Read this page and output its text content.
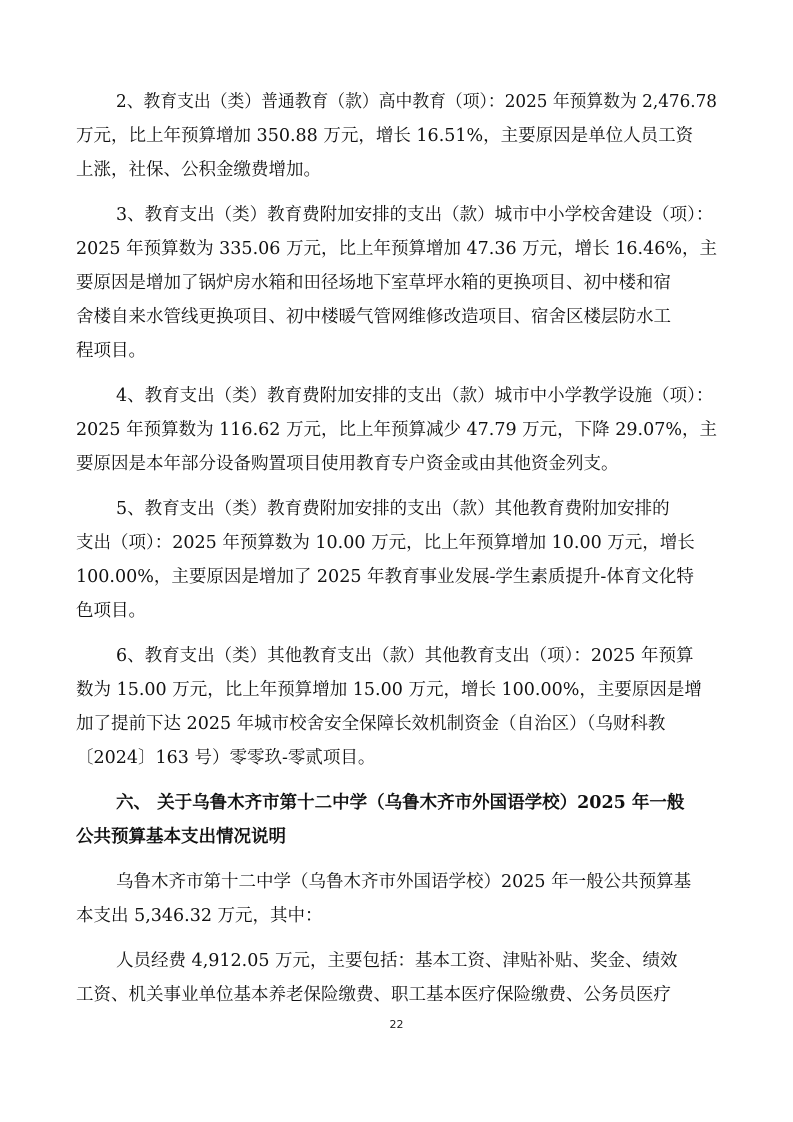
2、教育支出（类）普通教育（款）高中教育（项）：2025 年预算数为 2,476.78
万元，比上年预算增加 350.88 万元，增长 16.51%，主要原因是单位人员工资
上涨，社保、公积金缴费增加。
3、教育支出（类）教育费附加安排的支出（款）城市中小学校舍建设（项）：
2025 年预算数为 335.06 万元，比上年预算增加 47.36 万元，增长 16.46%，主
要原因是增加了锅炉房水箱和田径场地下室草坪水箱的更换项目、初中楼和宿
舍楼自来水管线更换项目、初中楼暖气管网维修改造项目、宿舍区楼层防水工
程项目。
4、教育支出（类）教育费附加安排的支出（款）城市中小学教学设施（项）：
2025 年预算数为 116.62 万元，比上年预算减少 47.79 万元，下降 29.07%，主
要原因是本年部分设备购置项目使用教育专户资金或由其他资金列支。
5、教育支出（类）教育费附加安排的支出（款）其他教育费附加安排的
支出（项）：2025 年预算数为 10.00 万元，比上年预算增加 10.00 万元，增长
100.00%，主要原因是增加了 2025 年教育事业发展-学生素质提升-体育文化特
色项目。
6、教育支出（类）其他教育支出（款）其他教育支出（项）：2025 年预算
数为 15.00 万元，比上年预算增加 15.00 万元，增长 100.00%，主要原因是增
加了提前下达 2025 年城市校舍安全保障长效机制资金（自治区）（乌财科教
〔2024〕163 号）零零玖-零贰项目。
六、 关于乌鲁木齐市第十二中学（乌鲁木齐市外国语学校）2025 年一般
公共预算基本支出情况说明
乌鲁木齐市第十二中学（乌鲁木齐市外国语学校）2025 年一般公共预算基
本支出 5,346.32 万元，其中：
人员经费 4,912.05 万元，主要包括：基本工资、津贴补贴、奖金、绩效
工资、机关事业单位基本养老保险缴费、职工基本医疗保险缴费、公务员医疗
22
